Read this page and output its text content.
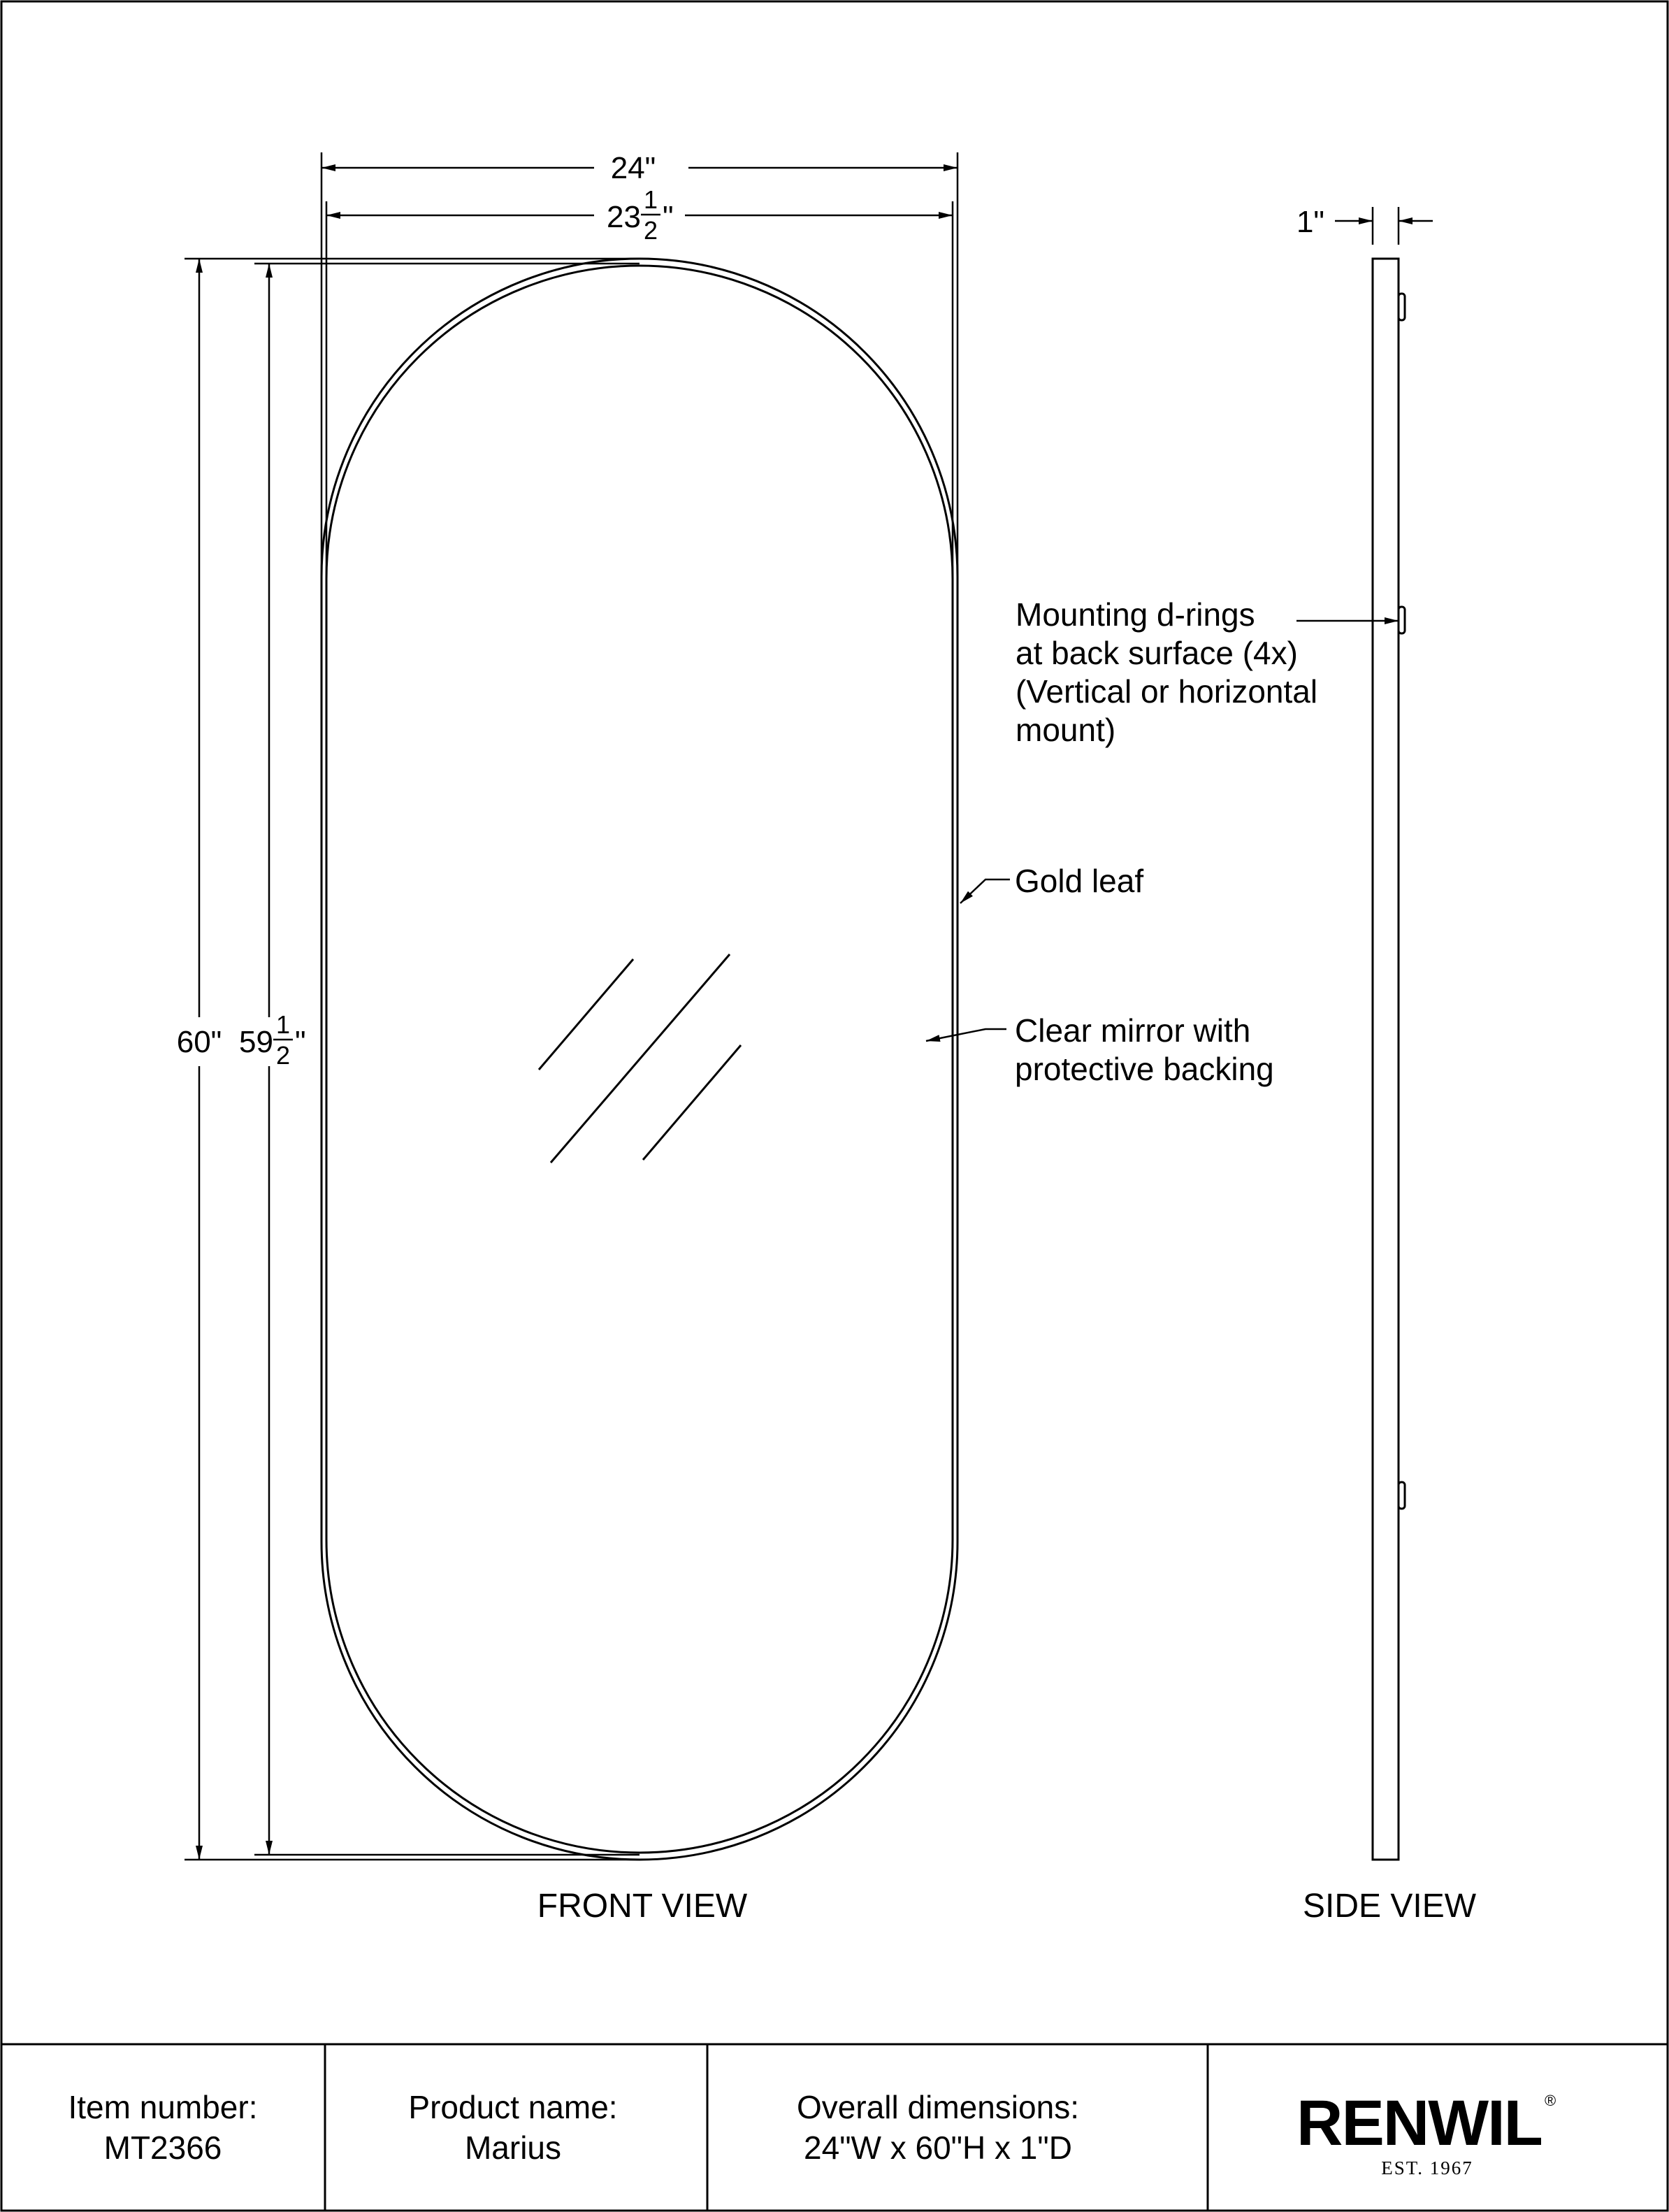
24"
23
1
2 "
60" 59
1
2 "
Gold leaf
Clear mirror with
protective backing
FRONT VIEW
1"
Mounting d-rings
at back surface (4x)
(Vertical or horizontal
mount)
SIDE VIEW
Item number:
MT2366
Product name:
Marius
Overall dimensions:
24"W x 60"H x 1"D	RENWIL ®
EST. 1967
